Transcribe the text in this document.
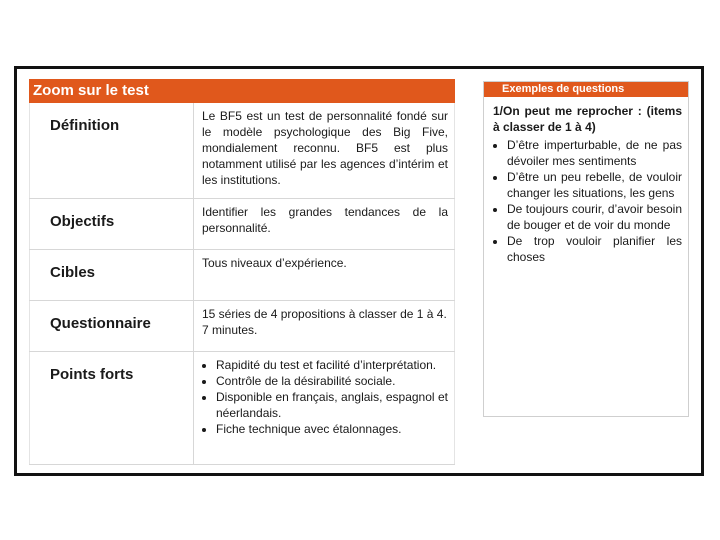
Zoom sur le test
Définition
Le BF5 est un test de personnalité fondé sur le modèle psychologique des Big Five, mondialement reconnu. BF5 est plus notamment utilisé par les agences d’intérim et les institutions.
Objectifs
Identifier les grandes tendances de la personnalité.
Cibles
Tous niveaux d’expérience.
Questionnaire
15 séries de 4 propositions à classer de 1 à 4.
7 minutes.
Points forts
• Rapidité du test et facilité d’interprétation.
• Contrôle de la désirabilité sociale.
• Disponible en français, anglais, espagnol et néerlandais.
• Fiche technique avec étalonnages.
Exemples de questions
1/On peut me reprocher : (items à classer de 1 à 4)
• D’être imperturbable, de ne pas dévoiler mes sentiments
• D’être un peu rebelle, de vouloir changer les situations, les gens
• De toujours courir, d’avoir besoin de bouger et de voir du monde
• De trop vouloir planifier les choses
